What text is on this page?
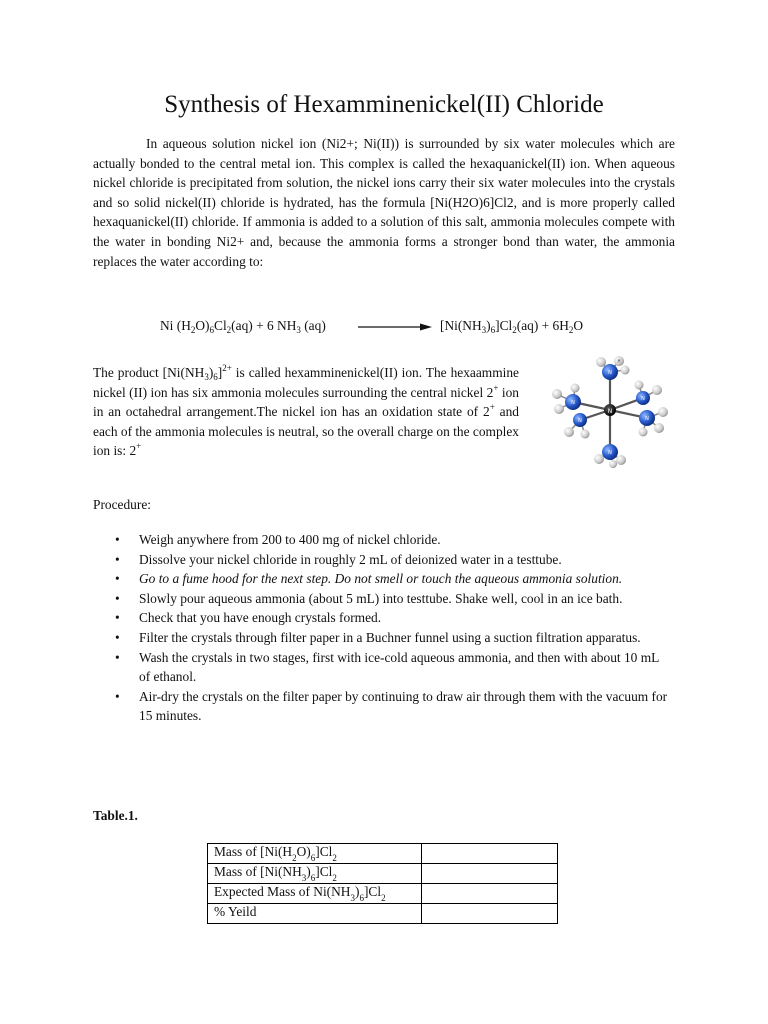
Synthesis of Hexamminenickel(II) Chloride

In aqueous solution nickel ion (Ni2+; Ni(II)) is surrounded by six water molecules which are actually bonded to the central metal ion. This complex is called the hexaquanickel(II) ion. When aqueous nickel chloride is precipitated from solution, the nickel ions carry their six water molecules into the crystals and so solid nickel(II) chloride is hydrated, has the formula [Ni(H2O)6]Cl2, and is more properly called hexaquanickel(II) chloride. If ammonia is added to a solution of this salt, ammonia molecules compete with the water in bonding Ni2+ and, because the ammonia forms a stronger bond than water, the ammonia replaces the water according to:

Ni $(H_2O)_6Cl_2(aq) + 6$ $NH_3$ (aq)	$[Ni(NH_3)_6]Cl_2(aq) + 6H_2O$

The product $[Ni(NH_3)_6]^{2+}$ is called hexamminenickel(II) ion. The hexaammine nickel (II) ion has six ammonia molecules surrounding the central nickel 2+ ion in an octahedral arrangement.The nickel ion has an oxidation state of 2+ and each of the ammonia molecules is neutral, so the overall charge on the complex ion is: 2+

N
N
N
N
N
N
N
H
Procedure:
• Weigh anywhere from 200 to 400 mg of nickel chloride.
• Dissolve your nickel chloride in roughly 2 mL of deionized water in a testtube.
• Go to a fume hood for the next step. Do not smell or touch the aqueous ammonia solution.
• Slowly pour aqueous ammonia (about 5 mL) into testtube. Shake well, cool in an ice bath.
• Check that you have enough crystals formed.
• Filter the crystals through filter paper in a Buchner funnel using a suction filtration apparatus.
• Wash the crystals in two stages, first with ice-cold aqueous ammonia, and then with about 10 mL of ethanol.
• Air-dry the crystals on the filter paper by continuing to draw air through them with the vacuum for 15 minutes.
Table.1.
Mass of $[Ni(H_2O)_6]Cl_2$	
Mass of $[Ni(NH_3)_6]Cl_2$	
Expected Mass of $Ni(NH_3)_6]Cl_2$	
% Yeild	
